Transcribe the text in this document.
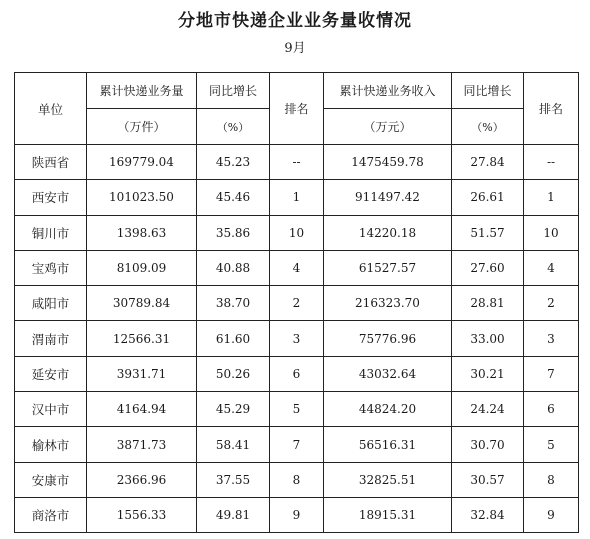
分地市快递企业业务量收情况
9月
单位	累计快递业务量	同比增长	排名	累计快递业务收入	同比增长	排名
	（万件）	（%）		（万元）	（%）	
陕西省	169779.04	45.23	--	1475459.78	27.84	--
西安市	101023.50	45.46	1	911497.42	26.61	1
铜川市	1398.63	35.86	10	14220.18	51.57	10
宝鸡市	8109.09	40.88	4	61527.57	27.60	4
咸阳市	30789.84	38.70	2	216323.70	28.81	2
渭南市	12566.31	61.60	3	75776.96	33.00	3
延安市	3931.71	50.26	6	43032.64	30.21	7
汉中市	4164.94	45.29	5	44824.20	24.24	6
榆林市	3871.73	58.41	7	56516.31	30.70	5
安康市	2366.96	37.55	8	32825.51	30.57	8
商洛市	1556.33	49.81	9	18915.31	32.84	9
